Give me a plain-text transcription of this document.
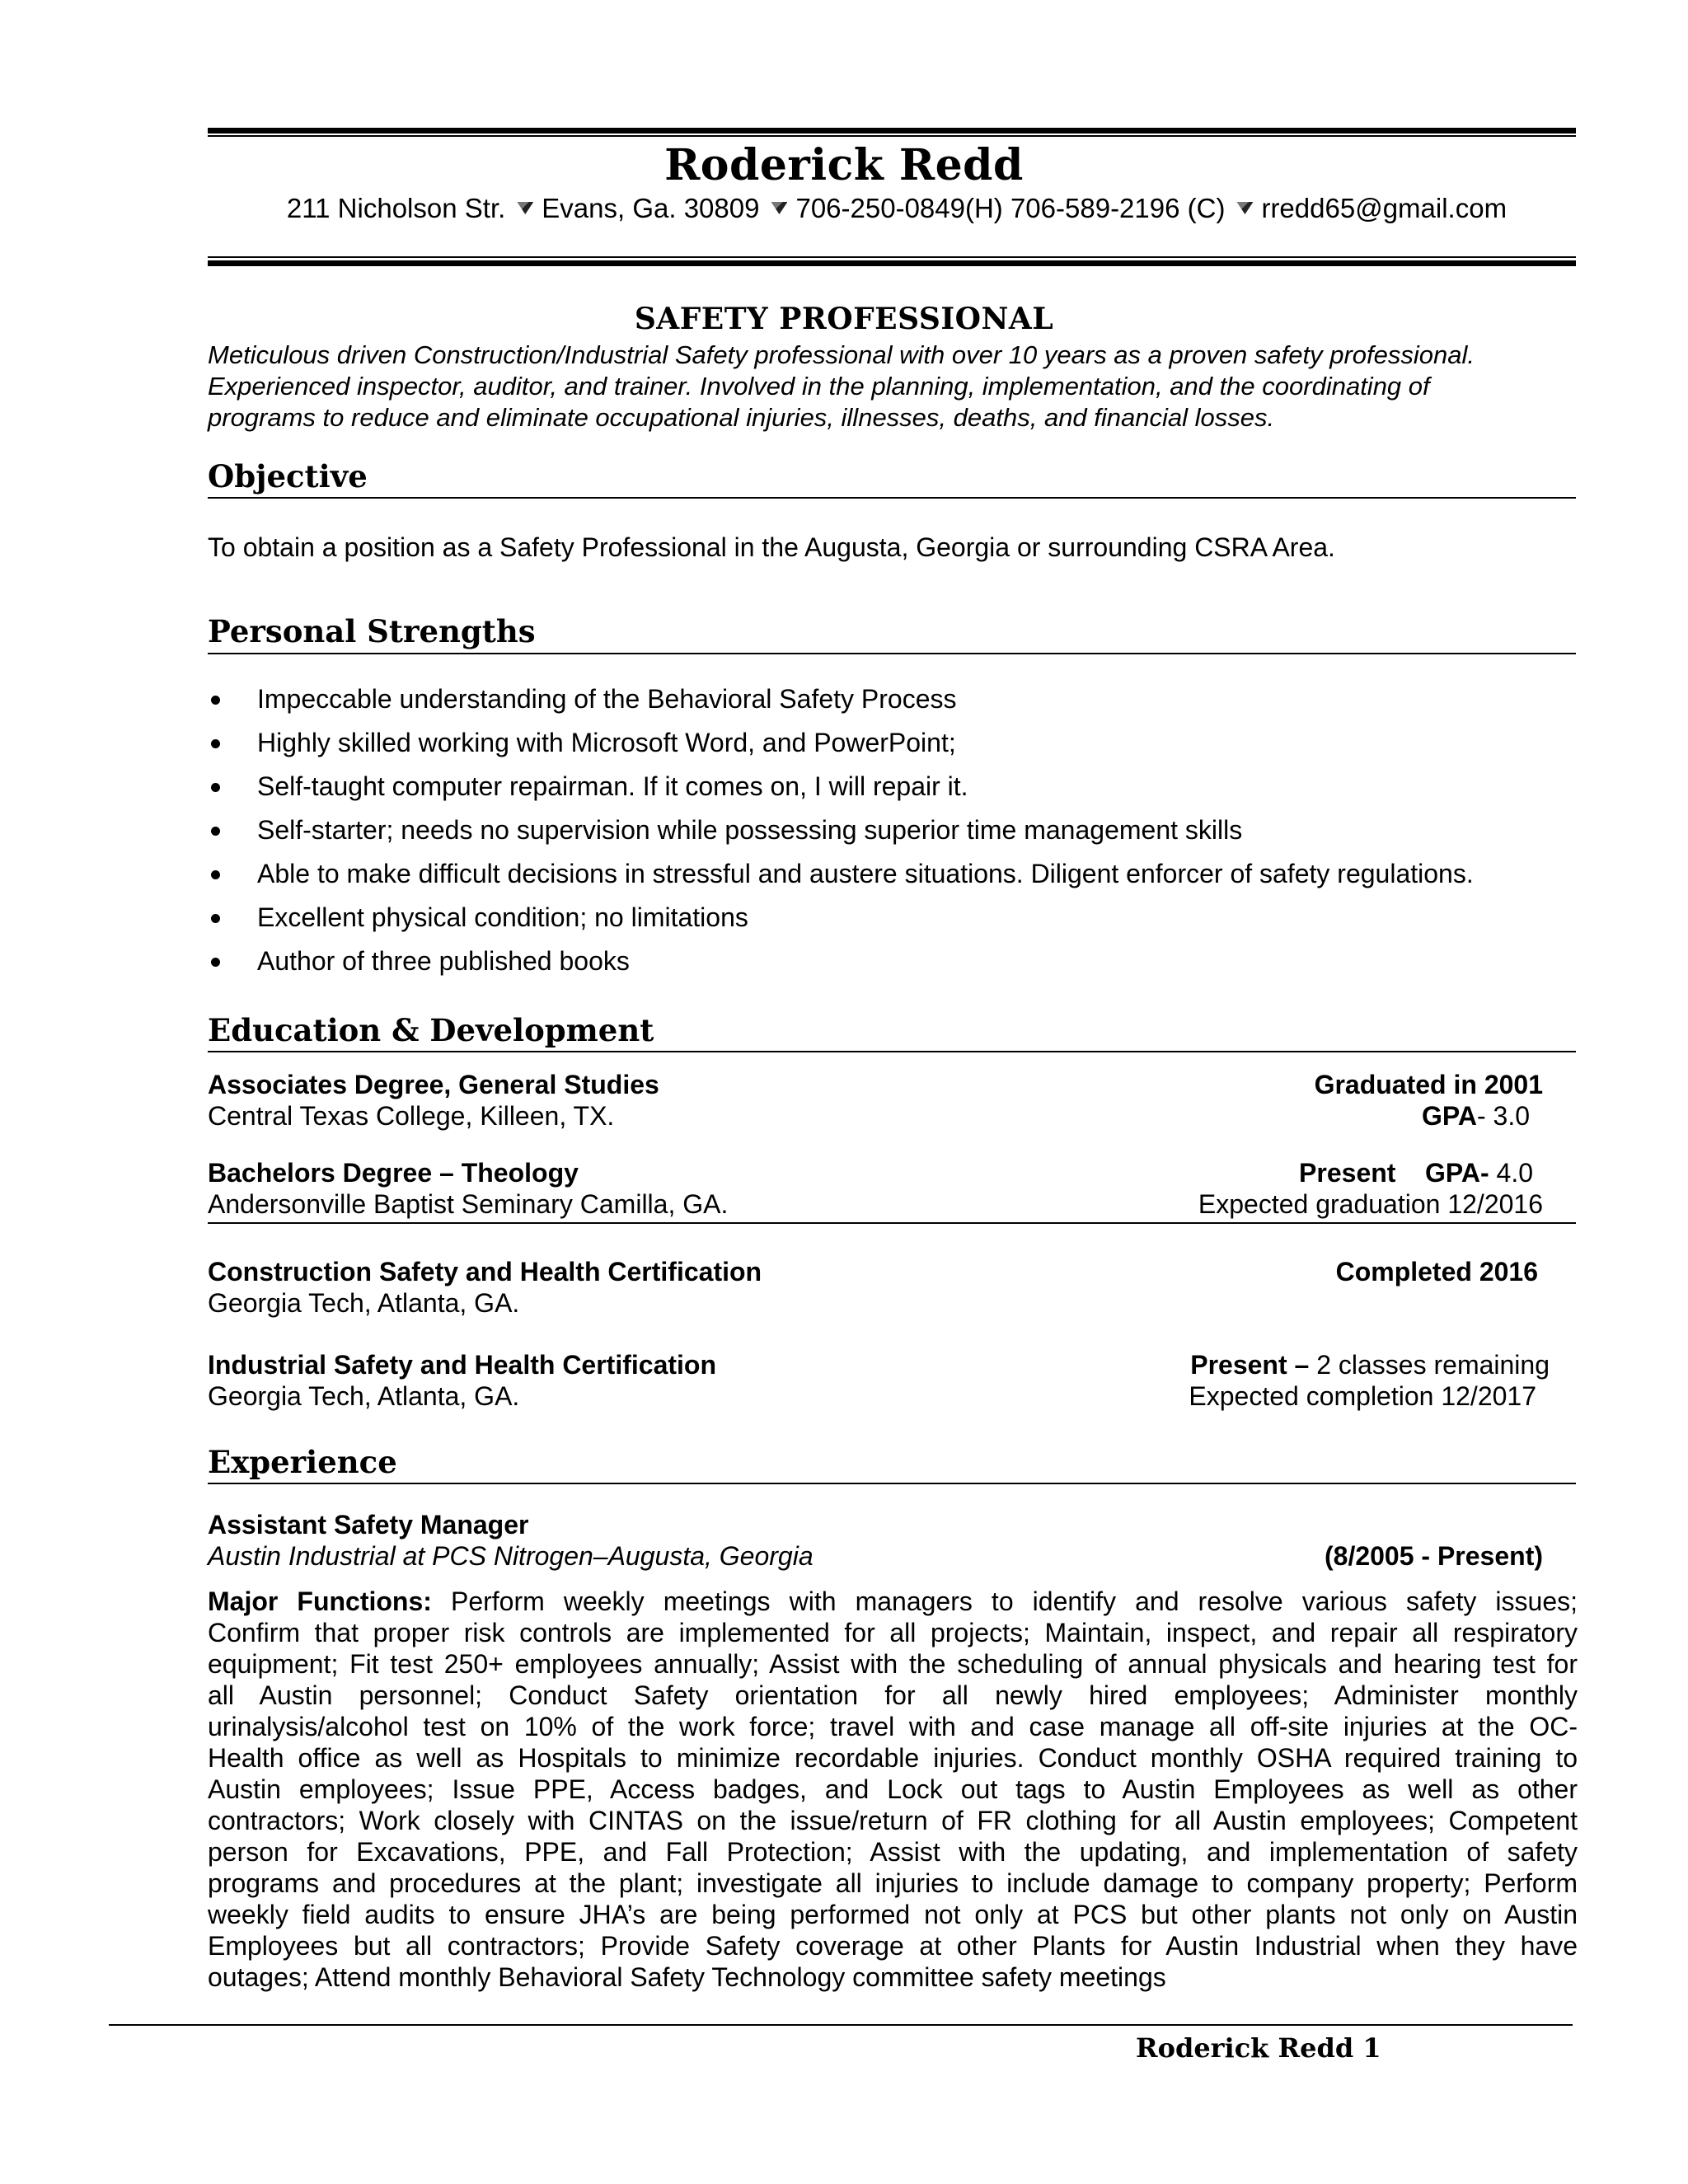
Roderick Redd
211 Nicholson Str. Evans, Ga. 30809 706-250-0849(H) 706-589-2196 (C) rredd65@gmail.com
SAFETY PROFESSIONAL
Meticulous driven Construction/Industrial Safety professional with over 10 years as a proven safety professional.
Experienced inspector, auditor, and trainer. Involved in the planning, implementation, and the coordinating of
programs to reduce and eliminate occupational injuries, illnesses, deaths, and financial losses.
Objective
To obtain a position as a Safety Professional in the Augusta, Georgia or surrounding CSRA Area.
Personal Strengths
Impeccable understanding of the Behavioral Safety Process
Highly skilled working with Microsoft Word, and PowerPoint;
Self-taught computer repairman. If it comes on, I will repair it.
Self-starter; needs no supervision while possessing superior time management skills
Able to make difficult decisions in stressful and austere situations. Diligent enforcer of safety regulations.
Excellent physical condition; no limitations
Author of three published books
Education & Development
Associates Degree, General Studies	Graduated in 2001
Central Texas College, Killeen, TX.	GPA- 3.0
Bachelors Degree – Theology	Present    GPA- 4.0
Andersonville Baptist Seminary Camilla, GA.	Expected graduation 12/2016
Construction Safety and Health Certification	Completed 2016
Georgia Tech, Atlanta, GA.
Industrial Safety and Health Certification	Present – 2 classes remaining
Georgia Tech, Atlanta, GA.	Expected completion 12/2017
Experience
Assistant Safety Manager
Austin Industrial at PCS Nitrogen–Augusta, Georgia	(8/2005 - Present)
Major Functions: Perform weekly meetings with managers to identify and resolve various safety issues;
Confirm that proper risk controls are implemented for all projects; Maintain, inspect, and repair all respiratory
equipment; Fit test 250+ employees annually; Assist with the scheduling of annual physicals and hearing test for
all Austin personnel; Conduct Safety orientation for all newly hired employees; Administer monthly
urinalysis/alcohol test on 10% of the work force; travel with and case manage all off-site injuries at the OC-
Health office as well as Hospitals to minimize recordable injuries. Conduct monthly OSHA required training to
Austin employees; Issue PPE, Access badges, and Lock out tags to Austin Employees as well as other
contractors; Work closely with CINTAS on the issue/return of FR clothing for all Austin employees; Competent
person for Excavations, PPE, and Fall Protection; Assist with the updating, and implementation of safety
programs and procedures at the plant; investigate all injuries to include damage to company property; Perform
weekly field audits to ensure JHA’s are being performed not only at PCS but other plants not only on Austin
Employees but all contractors; Provide Safety coverage at other Plants for Austin Industrial when they have
outages; Attend monthly Behavioral Safety Technology committee safety meetings
Roderick Redd 1
